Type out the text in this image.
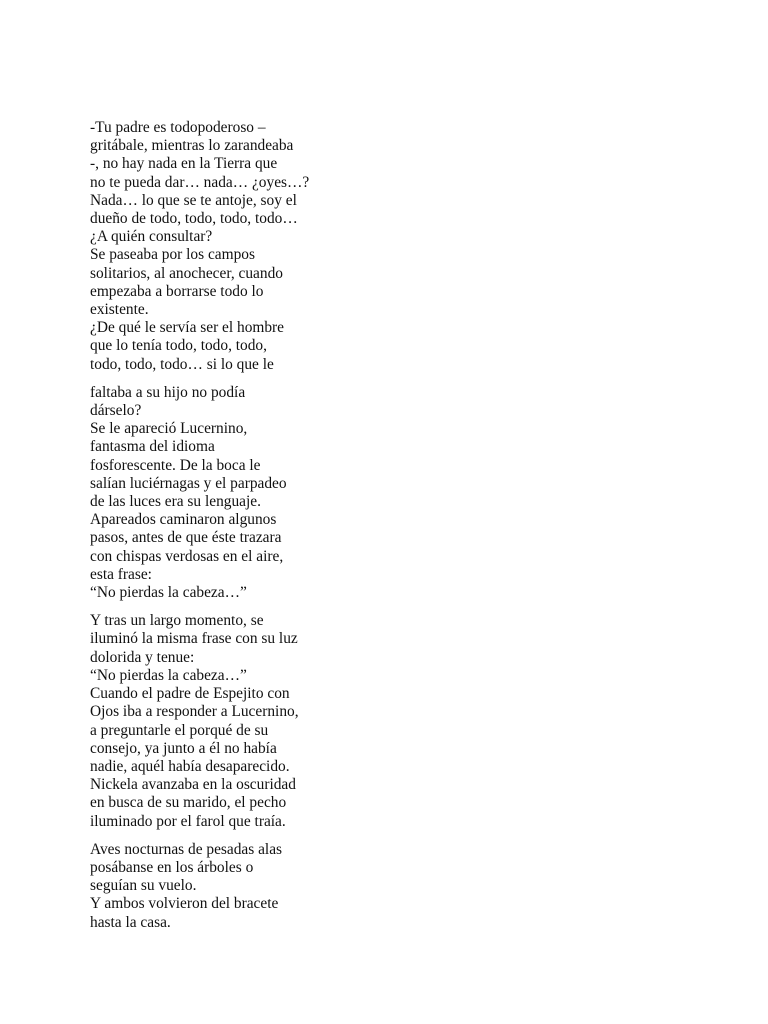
-Tu padre es todopoderoso –
gritábale, mientras lo zarandeaba
-, no hay nada en la Tierra que
no te pueda dar… nada… ¿oyes…?
Nada… lo que se te antoje, soy el
dueño de todo, todo, todo, todo…
¿A quién consultar?
Se paseaba por los campos
solitarios, al anochecer, cuando
empezaba a borrarse todo lo
existente.
¿De qué le servía ser el hombre
que lo tenía todo, todo, todo,
todo, todo, todo… si lo que le
faltaba a su hijo no podía
dárselo?
Se le apareció Lucernino,
fantasma del idioma
fosforescente. De la boca le
salían luciérnagas y el parpadeo
de las luces era su lenguaje.
Apareados caminaron algunos
pasos, antes de que éste trazara
con chispas verdosas en el aire,
esta frase:
“No pierdas la cabeza…”
Y tras un largo momento, se
iluminó la misma frase con su luz
dolorida y tenue:
“No pierdas la cabeza…”
Cuando el padre de Espejito con
Ojos iba a responder a Lucernino,
a preguntarle el porqué de su
consejo, ya junto a él no había
nadie, aquél había desaparecido.
Nickela avanzaba en la oscuridad
en busca de su marido, el pecho
iluminado por el farol que traía.
Aves nocturnas de pesadas alas
posábanse en los árboles o
seguían su vuelo.
Y ambos volvieron del bracete
hasta la casa.
